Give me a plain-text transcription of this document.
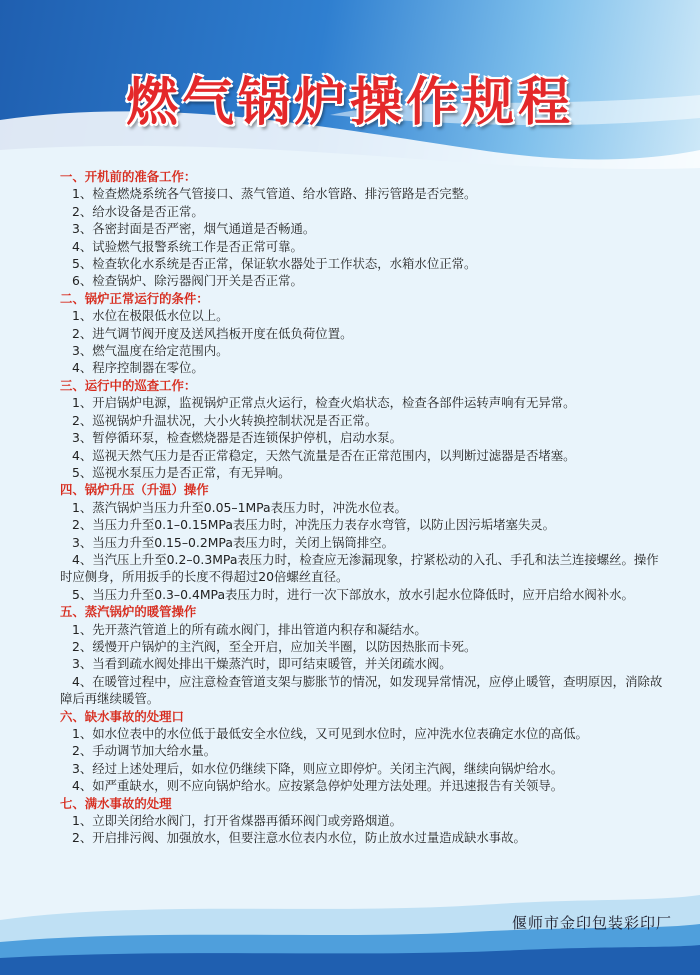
燃气锅炉操作规程

一、开机前的准备工作：

1、检查燃烧系统各气管接口、蒸气管道、给水管路、排污管路是否完整。

2、给水设备是否正常。

3、各密封面是否严密，烟气通道是否畅通。

4、试验燃气报警系统工作是否正常可靠。

5、检查软化水系统是否正常，保证软水器处于工作状态，水箱水位正常。

6、检查锅炉、除污器阀门开关是否正常。

二、锅炉正常运行的条件：

1、水位在极限低水位以上。

2、进气调节阀开度及送风挡板开度在低负荷位置。

3、燃气温度在给定范围内。

4、程序控制器在零位。

三、运行中的巡查工作：

1、开启锅炉电源，监视锅炉正常点火运行，检查火焰状态，检查各部件运转声响有无异常。

2、巡视锅炉升温状况，大小火转换控制状况是否正常。

3、暂停循环泵，检查燃烧器是否连锁保护停机，启动水泵。

4、巡视天然气压力是否正常稳定，天然气流量是否在正常范围内，以判断过滤器是否堵塞。

5、巡视水泵压力是否正常，有无异响。

四、锅炉升压（升温）操作

1、蒸汽锅炉当压力升至0.05–1MPa表压力时，冲洗水位表。

2、当压力升至0.1–0.15MPa表压力时，冲洗压力表存水弯管，以防止因污垢堵塞失灵。

3、当压力升至0.15–0.2MPa表压力时，关闭上锅筒排空。

4、当汽压上升至0.2–0.3MPa表压力时，检查应无渗漏现象，拧紧松动的入孔、手孔和法兰连接螺丝。操作时应侧身，所用扳手的长度不得超过20倍螺丝直径。

5、当压力升至0.3–0.4MPa表压力时，进行一次下部放水，放水引起水位降低时，应开启给水阀补水。

五、蒸汽锅炉的暖管操作

1、先开蒸汽管道上的所有疏水阀门，排出管道内积存和凝结水。

2、缓慢开户锅炉的主汽阀，至全开启，应加关半圈，以防因热胀而卡死。

3、当看到疏水阀处排出干燥蒸汽时，即可结束暖管，并关闭疏水阀。

4、在暖管过程中，应注意检查管道支架与膨胀节的情况，如发现异常情况，应停止暖管，查明原因，消除故障后再继续暖管。

六、缺水事故的处理口

1、如水位表中的水位低于最低安全水位线，又可见到水位时，应冲洗水位表确定水位的高低。

2、手动调节加大给水量。

3、经过上述处理后，如水位仍继续下降，则应立即停炉。关闭主汽阀，继续向锅炉给水。

4、如严重缺水，则不应向锅炉给水。应按紧急停炉处理方法处理。并迅速报告有关领导。

七、满水事故的处理

1、立即关闭给水阀门，打开省煤器再循环阀门或旁路烟道。

2、开启排污阀、加强放水，但要注意水位表内水位，防止放水过量造成缺水事故。

偃师市金印包装彩印厂
